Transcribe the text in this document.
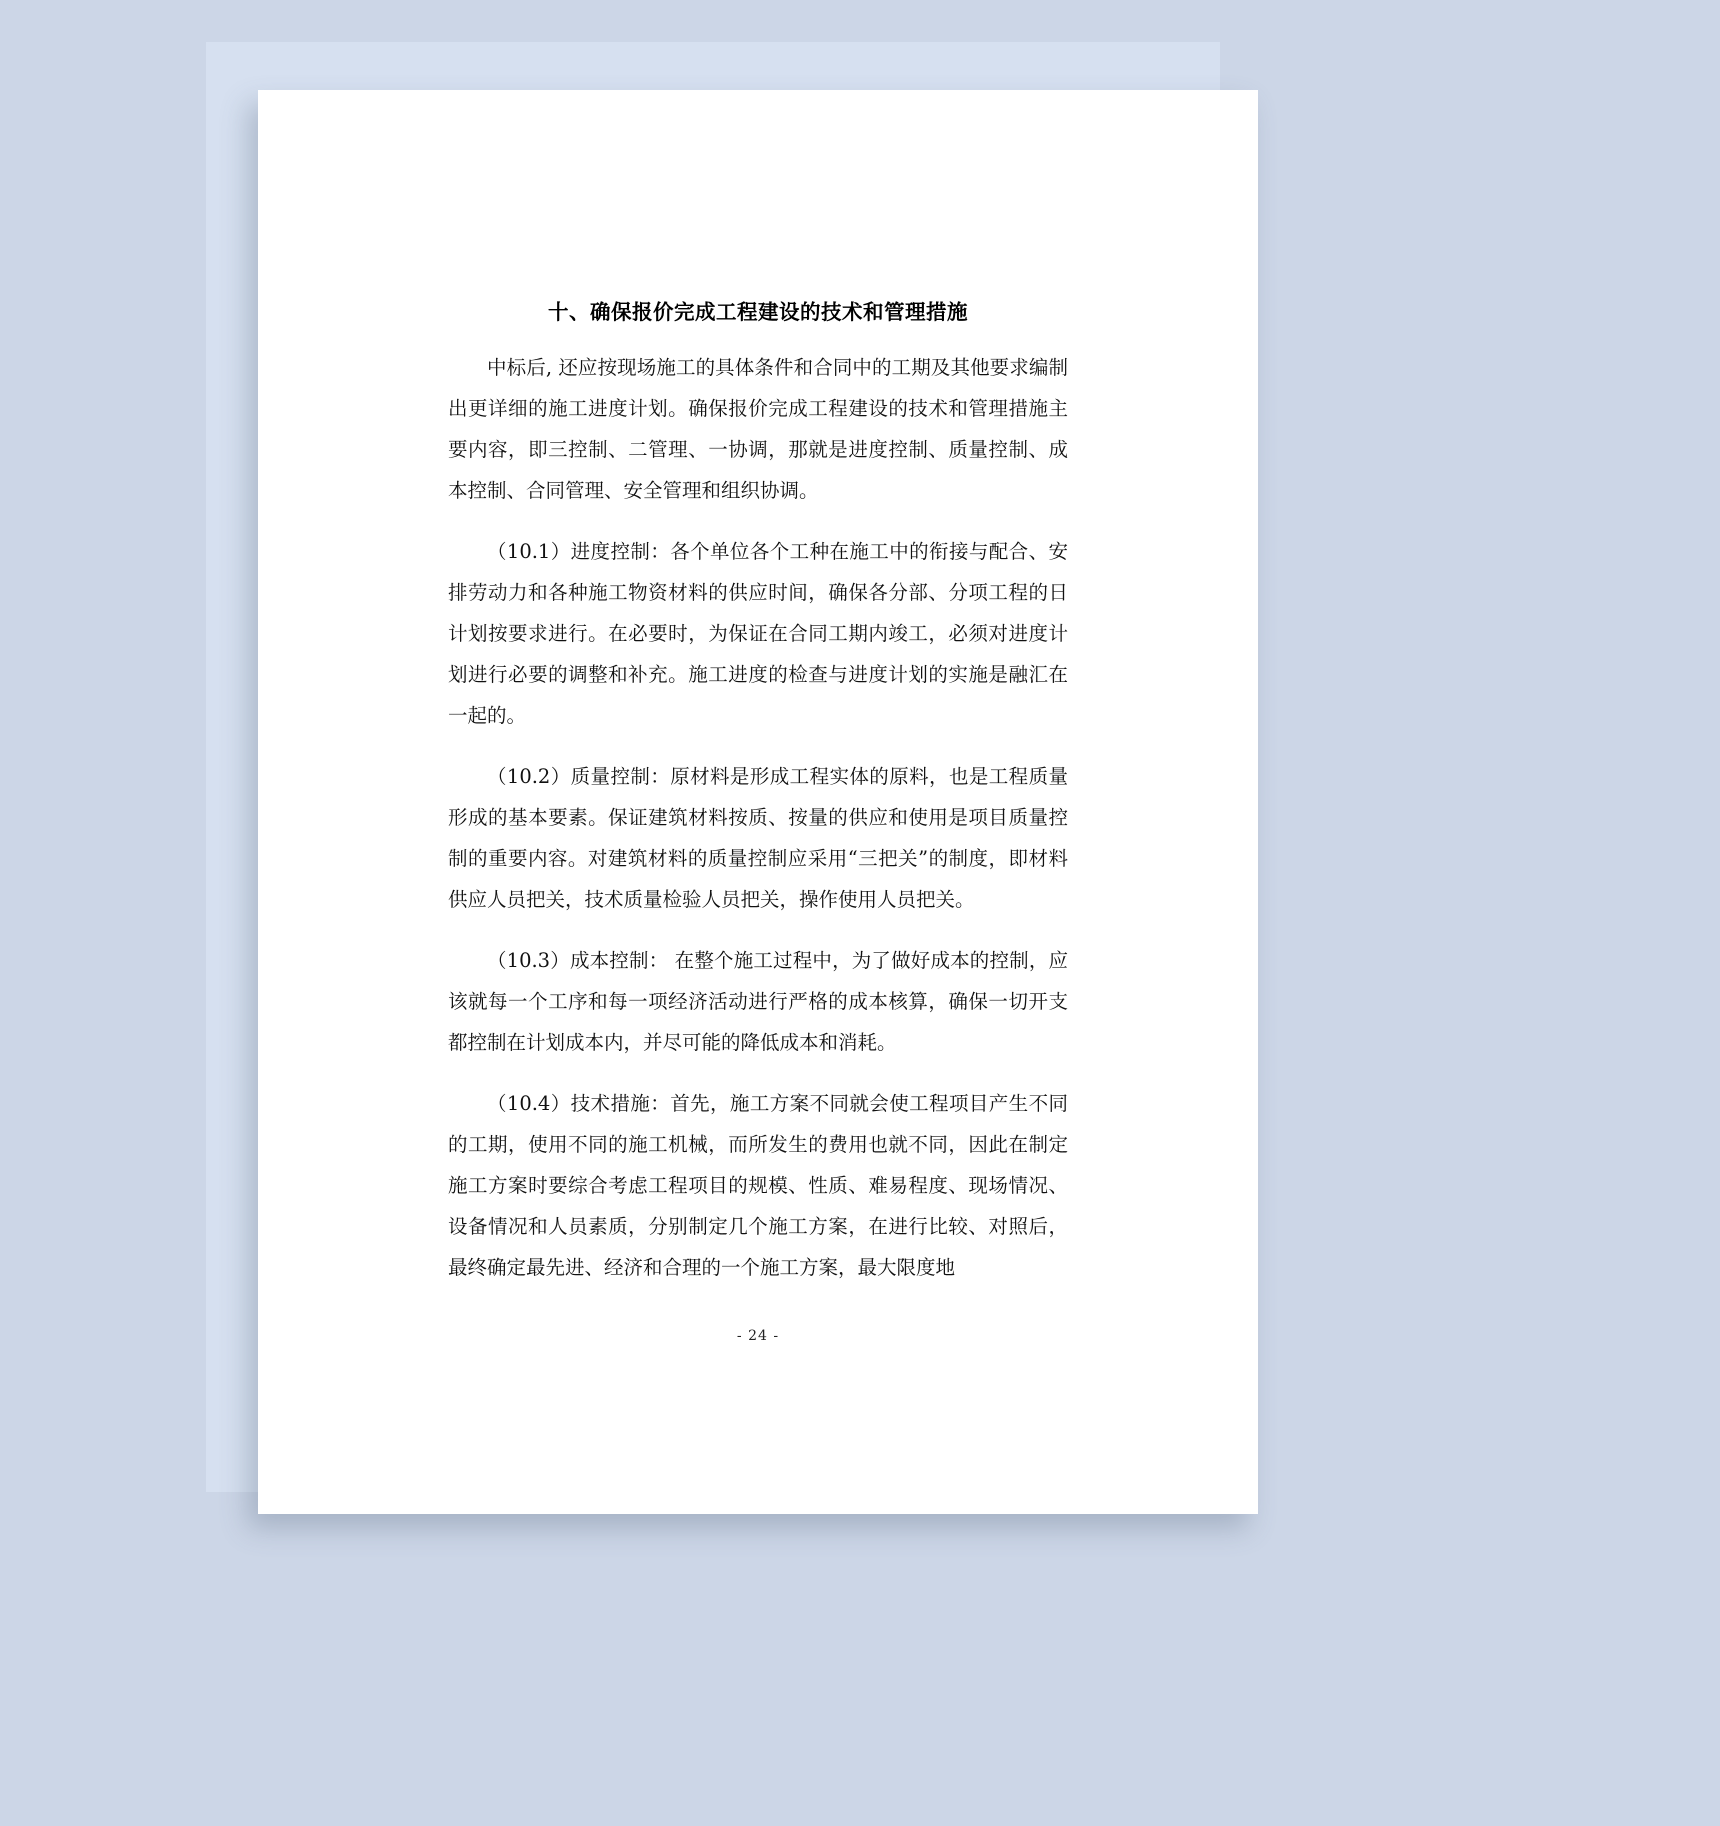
十、确保报价完成工程建设的技术和管理措施

中标后, 还应按现场施工的具体条件和合同中的工期及其他要求编制出更详细的施工进度计划。确保报价完成工程建设的技术和管理措施主要内容，即三控制、二管理、一协调，那就是进度控制、质量控制、成本控制、合同管理、安全管理和组织协调。

（10.1）进度控制：各个单位各个工种在施工中的衔接与配合、安排劳动力和各种施工物资材料的供应时间，确保各分部、分项工程的日计划按要求进行。在必要时，为保证在合同工期内竣工，必须对进度计 划进行必要的调整和补充。施工进度的检查与进度计划的实施是融汇在一起的。

（10.2）质量控制：原材料是形成工程实体的原料，也是工程质量形成的基本要素。保证建筑材料按质、按量的供应和使用是项目质量控制的重要内容。对建筑材料的质量控制应采用“三把关”的制度，即材料供应人员把关，技术质量检验人员把关，操作使用人员把关。

（10.3）成本控制： 在整个施工过程中，为了做好成本的控制，应该就每一个工序和每一项经济活动进行严格的成本核算，确保一切开支都控制在计划成本内，并尽可能的降低成本和消耗。

（10.4）技术措施：首先，施工方案不同就会使工程项目产生不同的工期，使用不同的施工机械，而所发生的费用也就不同，因此在制定施工方案时要综合考虑工程项目的规模、性质、难易程度、现场情况、设备情况和人员素质，分别制定几个施工方案，在进行比较、对照后，最终确定最先进、经济和合理的一个施工方案，最大限度地

- 24 -
